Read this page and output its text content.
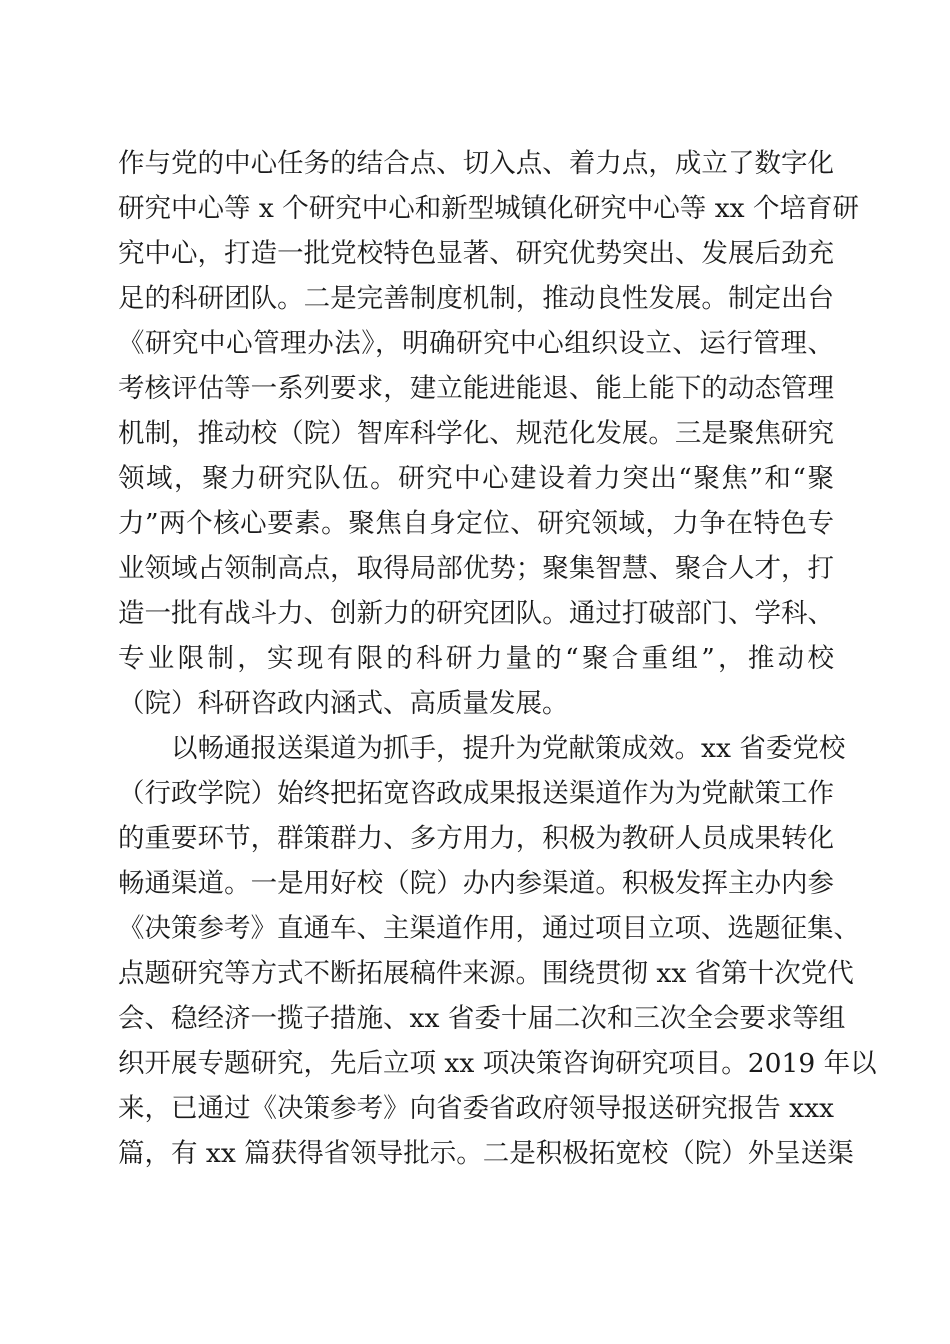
作与党的中心任务的结合点、切入点、着力点，成立了数字化
研究中心等 x 个研究中心和新型城镇化研究中心等 xx 个培育研
究中心，打造一批党校特色显著、研究优势突出、发展后劲充
足的科研团队。二是完善制度机制，推动良性发展。制定出台
《研究中心管理办法》，明确研究中心组织设立、运行管理、
考核评估等一系列要求，建立能进能退、能上能下的动态管理
机制，推动校（院）智库科学化、规范化发展。三是聚焦研究
领域，聚力研究队伍。研究中心建设着力突出“聚焦”和“聚
力”两个核心要素。聚焦自身定位、研究领域，力争在特色专
业领域占领制高点，取得局部优势；聚集智慧、聚合人才，打
造一批有战斗力、创新力的研究团队。通过打破部门、学科、
专业限制，实现有限的科研力量的“聚合重组”，推动校
（院）科研咨政内涵式、高质量发展。
以畅通报送渠道为抓手，提升为党献策成效。xx 省委党校
（行政学院）始终把拓宽咨政成果报送渠道作为为党献策工作
的重要环节，群策群力、多方用力，积极为教研人员成果转化
畅通渠道。一是用好校（院）办内参渠道。积极发挥主办内参
《决策参考》直通车、主渠道作用，通过项目立项、选题征集、
点题研究等方式不断拓展稿件来源。围绕贯彻 xx 省第十次党代
会、稳经济一揽子措施、xx 省委十届二次和三次全会要求等组
织开展专题研究，先后立项 xx 项决策咨询研究项目。2019 年以
来，已通过《决策参考》向省委省政府领导报送研究报告 xxx
篇，有 xx 篇获得省领导批示。二是积极拓宽校（院）外呈送渠
